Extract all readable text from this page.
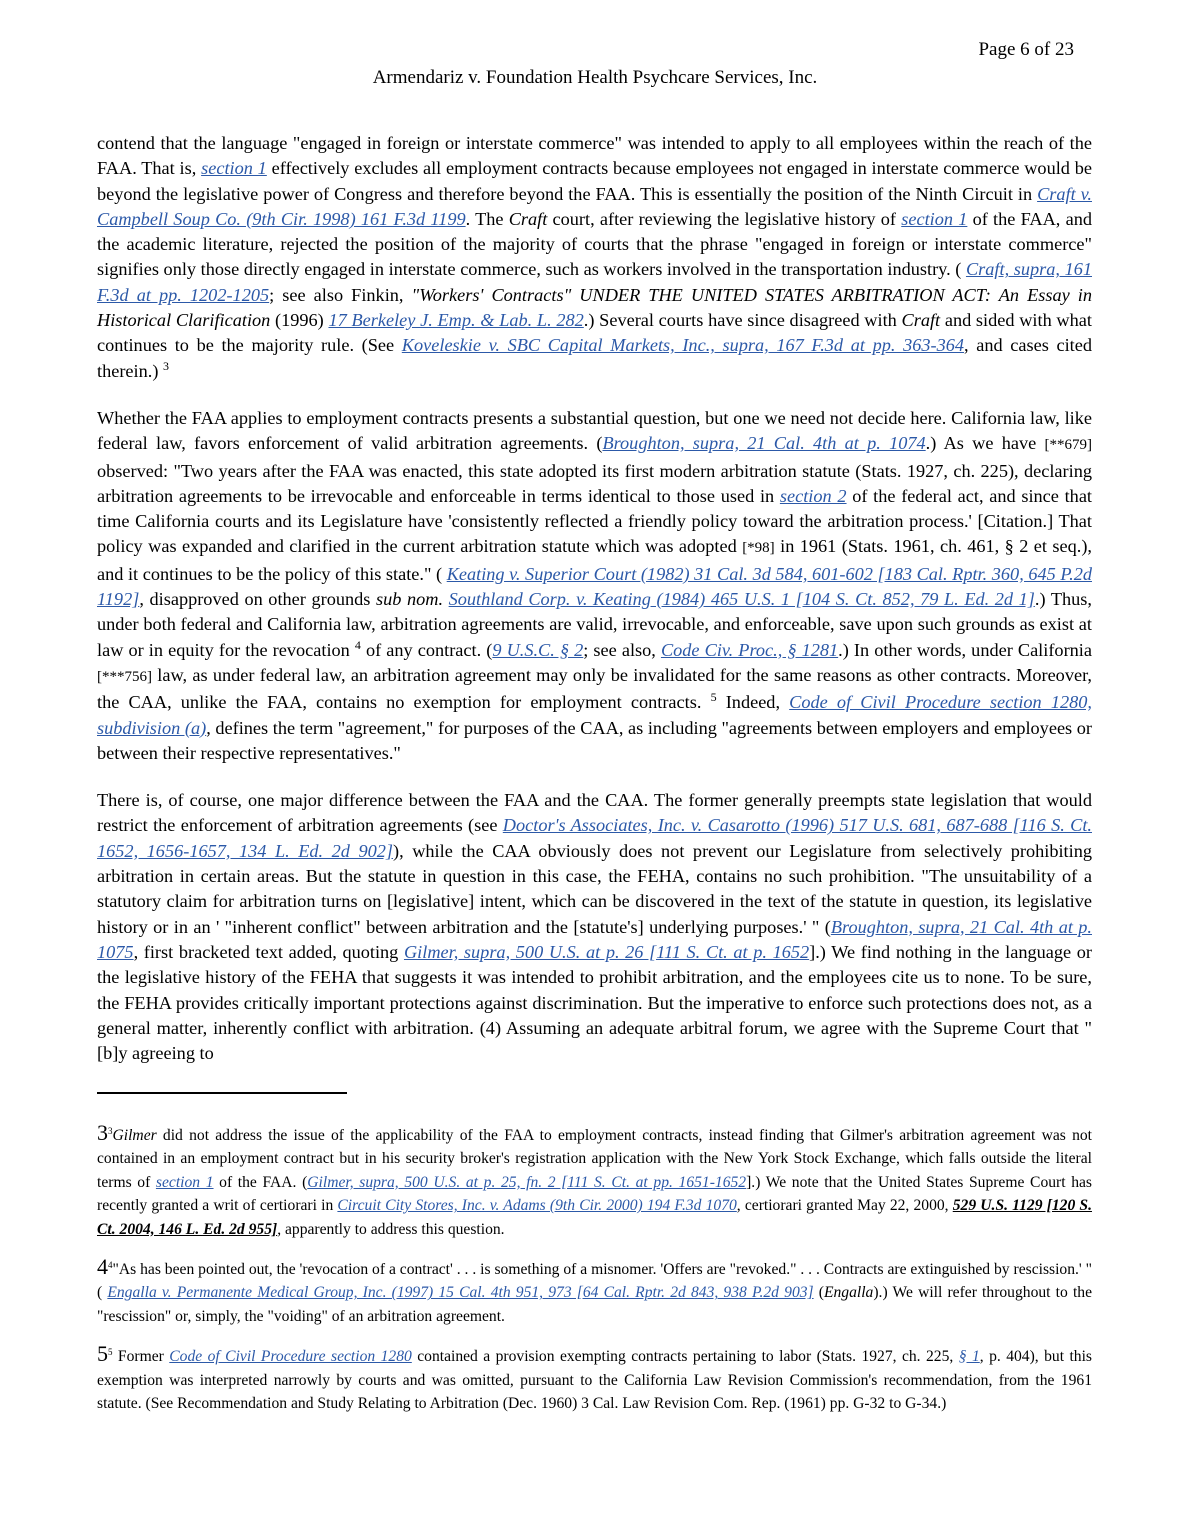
Page 6 of 23
Armendariz v. Foundation Health Psychcare Services, Inc.

contend that the language "engaged in foreign or interstate commerce" was intended to apply to all employees within the reach of the FAA. That is, section 1 effectively excludes all employment contracts because employees not engaged in interstate commerce would be beyond the legislative power of Congress and therefore beyond the FAA. This is essentially the position of the Ninth Circuit in Craft v. Campbell Soup Co. (9th Cir. 1998) 161 F.3d 1199. The Craft court, after reviewing the legislative history of section 1 of the FAA, and the academic literature, rejected the position of the majority of courts that the phrase "engaged in foreign or interstate commerce" signifies only those directly engaged in interstate commerce, such as workers involved in the transportation industry. ( Craft, supra, 161 F.3d at pp. 1202-1205; see also Finkin, "Workers' Contracts" UNDER THE UNITED STATES ARBITRATION ACT: An Essay in Historical Clarification (1996) 17 Berkeley J. Emp. & Lab. L. 282.) Several courts have since disagreed with Craft and sided with what continues to be the majority rule. (See Koveleskie v. SBC Capital Markets, Inc., supra, 167 F.3d at pp. 363-364, and cases cited therein.) $^3$

Whether the FAA applies to employment contracts presents a substantial question, but one we need not decide here. California law, like federal law, favors enforcement of valid arbitration agreements. (Broughton, supra, 21 Cal. 4th at p. 1074.) As we have [**679] observed: "Two years after the FAA was enacted, this state adopted its first modern arbitration statute (Stats. 1927, ch. 225), declaring arbitration agreements to be irrevocable and enforceable in terms identical to those used in section 2 of the federal act, and since that time California courts and its Legislature have 'consistently reflected a friendly policy toward the arbitration process.' [Citation.] That policy was expanded and clarified in the current arbitration statute which was adopted [*98] in 1961 (Stats. 1961, ch. 461, § 2 et seq.), and it continues to be the policy of this state." ( Keating v. Superior Court (1982) 31 Cal. 3d 584, 601-602 [183 Cal. Rptr. 360, 645 P.2d 1192], disapproved on other grounds sub nom. Southland Corp. v. Keating (1984) 465 U.S. 1 [104 S. Ct. 852, 79 L. Ed. 2d 1].) Thus, under both federal and California law, arbitration agreements are valid, irrevocable, and enforceable, save upon such grounds as exist at law or in equity for the revocation $^4$ of any contract. (9 U.S.C. § 2; see also, Code Civ. Proc., § 1281.) In other words, under California [***756] law, as under federal law, an arbitration agreement may only be invalidated for the same reasons as other contracts. Moreover, the CAA, unlike the FAA, contains no exemption for employment contracts. $^5$ Indeed, Code of Civil Procedure section 1280, subdivision (a), defines the term "agreement," for purposes of the CAA, as including "agreements between employers and employees or between their respective representatives."

There is, of course, one major difference between the FAA and the CAA. The former generally preempts state legislation that would restrict the enforcement of arbitration agreements (see Doctor's Associates, Inc. v. Casarotto (1996) 517 U.S. 681, 687-688 [116 S. Ct. 1652, 1656-1657, 134 L. Ed. 2d 902]), while the CAA obviously does not prevent our Legislature from selectively prohibiting arbitration in certain areas. But the statute in question in this case, the FEHA, contains no such prohibition. "The unsuitability of a statutory claim for arbitration turns on [legislative] intent, which can be discovered in the text of the statute in question, its legislative history or in an ' "inherent conflict" between arbitration and the [statute's] underlying purposes.' " (Broughton, supra, 21 Cal. 4th at p. 1075, first bracketed text added, quoting Gilmer, supra, 500 U.S. at p. 26 [111 S. Ct. at p. 1652].) We find nothing in the language or the legislative history of the FEHA that suggests it was intended to prohibit arbitration, and the employees cite us to none. To be sure, the FEHA provides critically important protections against discrimination. But the imperative to enforce such protections does not, as a general matter, inherently conflict with arbitration. (4) Assuming an adequate arbitral forum, we agree with the Supreme Court that "[b]y agreeing to

3$^3$Gilmer did not address the issue of the applicability of the FAA to employment contracts, instead finding that Gilmer's arbitration agreement was not contained in an employment contract but in his security broker's registration application with the New York Stock Exchange, which falls outside the literal terms of section 1 of the FAA. (Gilmer, supra, 500 U.S. at p. 25, fn. 2 [111 S. Ct. at pp. 1651-1652].) We note that the United States Supreme Court has recently granted a writ of certiorari in Circuit City Stores, Inc. v. Adams (9th Cir. 2000) 194 F.3d 1070, certiorari granted May 22, 2000, 529 U.S. 1129 [120 S. Ct. 2004, 146 L. Ed. 2d 955], apparently to address this question.

4$^4$"As has been pointed out, the 'revocation of a contract' . . . is something of a misnomer. 'Offers are "revoked." . . . Contracts are extinguished by rescission.' " ( Engalla v. Permanente Medical Group, Inc. (1997) 15 Cal. 4th 951, 973 [64 Cal. Rptr. 2d 843, 938 P.2d 903] (Engalla).) We will refer throughout to the "rescission" or, simply, the "voiding" of an arbitration agreement.

5$^5$ Former Code of Civil Procedure section 1280 contained a provision exempting contracts pertaining to labor (Stats. 1927, ch. 225, § 1, p. 404), but this exemption was interpreted narrowly by courts and was omitted, pursuant to the California Law Revision Commission's recommendation, from the 1961 statute. (See Recommendation and Study Relating to Arbitration (Dec. 1960) 3 Cal. Law Revision Com. Rep. (1961) pp. G-32 to G-34.)
